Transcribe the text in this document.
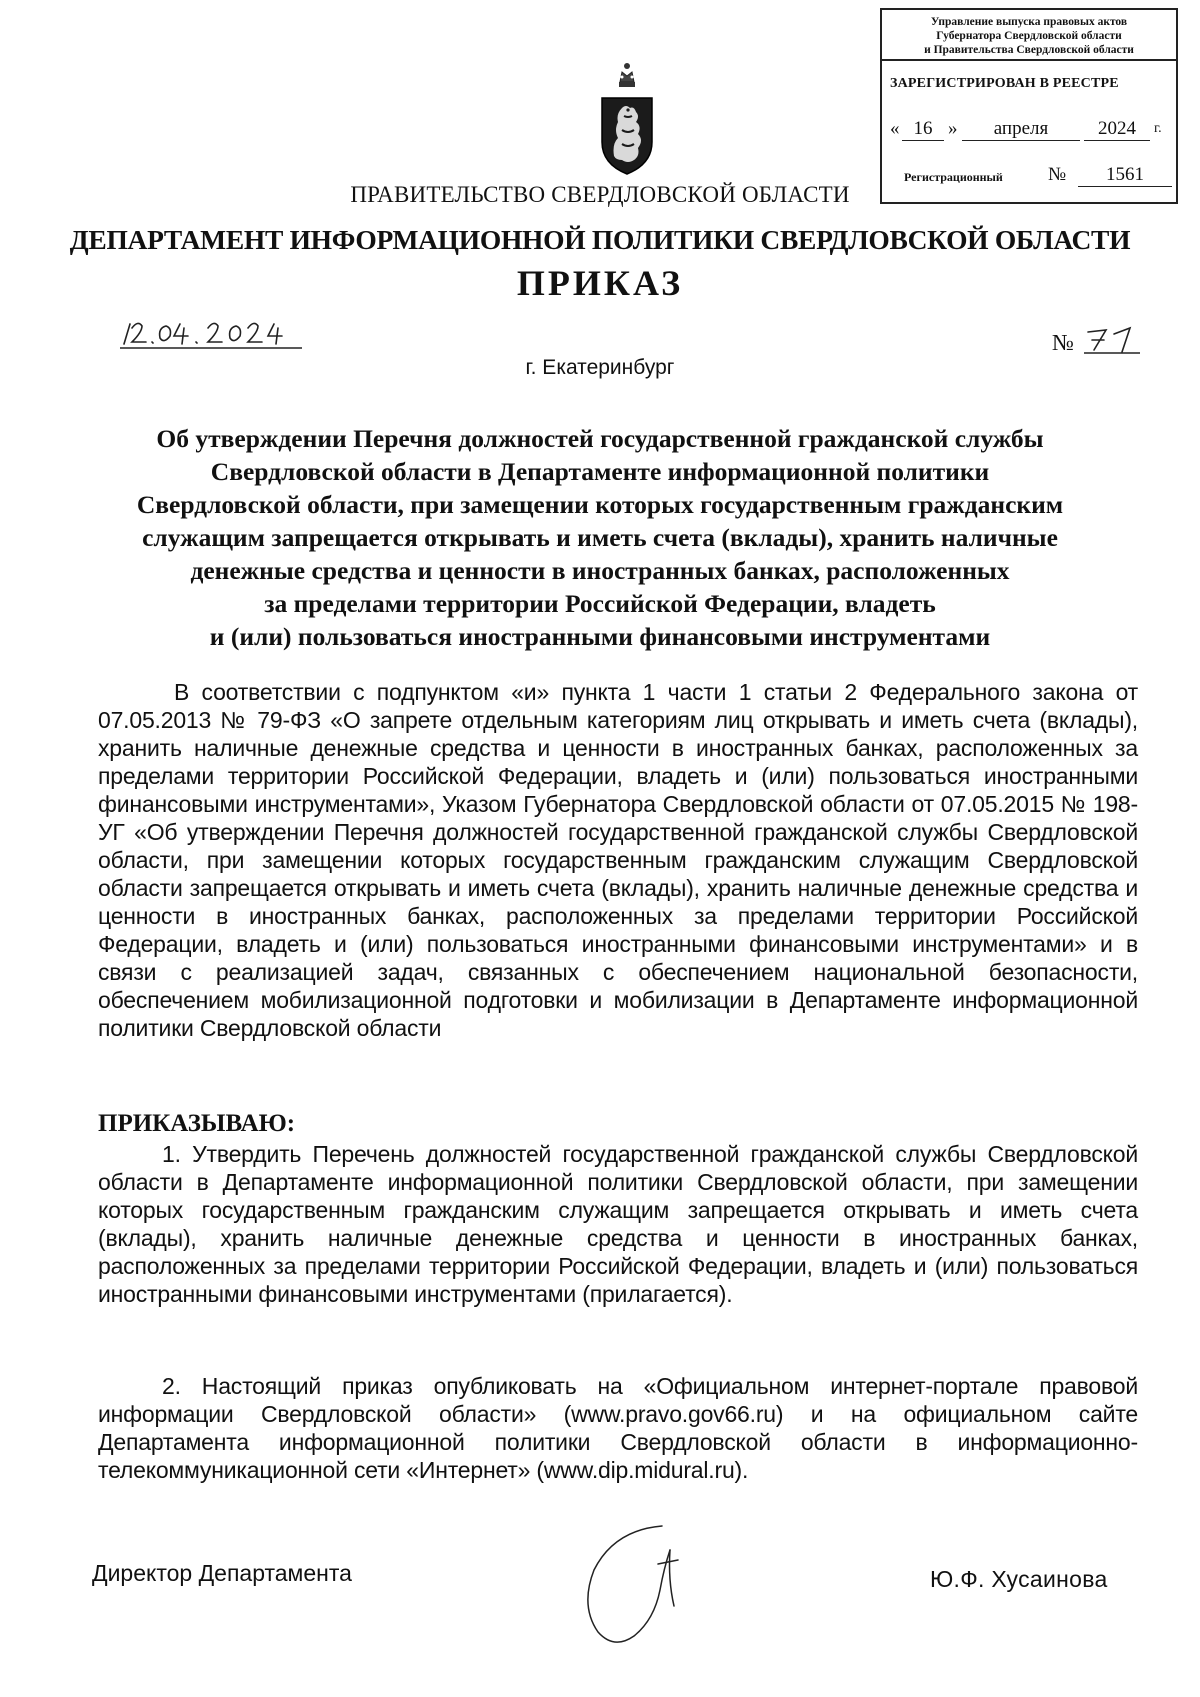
Управление выпуска правовых актов
Губернатора Свердловской области
и Правительства Свердловской области
ЗАРЕГИСТРИРОВАН В РЕЕСТРЕ
« 16 »	апреля	2024	г.
Регистрационный №	1561
ПРАВИТЕЛЬСТВО СВЕРДЛОВСКОЙ ОБЛАСТИ
ДЕПАРТАМЕНТ ИНФОРМАЦИОННОЙ ПОЛИТИКИ СВЕРДЛОВСКОЙ ОБЛАСТИ
ПРИКАЗ
№
г. Екатеринбург
Об утверждении Перечня должностей государственной гражданской службы
Свердловской области в Департаменте информационной политики
Свердловской области, при замещении которых государственным гражданским
служащим запрещается открывать и иметь счета (вклады), хранить наличные
денежные средства и ценности в иностранных банках, расположенных
за пределами территории Российской Федерации, владеть
и (или) пользоваться иностранными финансовыми инструментами
В соответствии с подпунктом «и» пункта 1 части 1 статьи 2 Федерального закона от 07.05.2013 № 79-ФЗ «О запрете отдельным категориям лиц открывать и иметь счета (вклады), хранить наличные денежные средства и ценности в иностранных банках, расположенных за пределами территории Российской Федерации, владеть и (или) пользоваться иностранными финансовыми инструментами», Указом Губернатора Свердловской области от 07.05.2015 № 198-УГ «Об утверждении Перечня должностей государственной гражданской службы Свердловской области, при замещении которых государственным гражданским служащим Свердловской области запрещается открывать и иметь счета (вклады), хранить наличные денежные средства и ценности в иностранных банках, расположенных за пределами территории Российской Федерации, владеть и (или) пользоваться иностранными финансовыми инструментами» и в связи с реализацией задач, связанных с обеспечением национальной безопасности, обеспечением мобилизационной подготовки и мобилизации в Департаменте информационной политики Свердловской области
ПРИКАЗЫВАЮ:
1. Утвердить Перечень должностей государственной гражданской службы Свердловской области в Департаменте информационной политики Свердловской области, при замещении которых государственным гражданским служащим запрещается открывать и иметь счета (вклады), хранить наличные денежные средства и ценности в иностранных банках, расположенных за пределами территории Российской Федерации, владеть и (или) пользоваться иностранными финансовыми инструментами (прилагается).
2. Настоящий приказ опубликовать на «Официальном интернет-портале правовой информации Свердловской области» (www.pravo.gov66.ru) и на официальном сайте Департамента информационной политики Свердловской области в информационно-телекоммуникационной сети «Интернет» (www.dip.midural.ru).
Директор Департамента	Ю.Ф. Хусаинова
